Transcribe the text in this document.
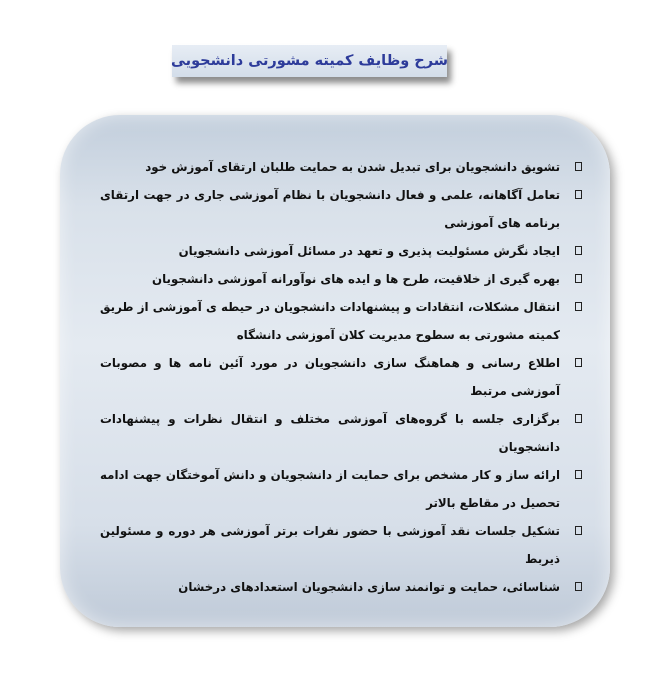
شرح وظایف کمیته مشورتی دانشجویی
تشویق دانشجویان برای تبدیل شدن به حمایت طلبان ارتقای آموزش خود
تعامل آگاهانه، علمی و فعال دانشجویان با نظام آموزشی جاری در جهت ارتقای برنامه های آموزشی
ایجاد نگرش مسئولیت پذیری و تعهد در مسائل آموزشی دانشجویان
بهره گیری از خلاقیت، طرح ها و ایده های نوآورانه آموزشی دانشجویان
انتقال مشکلات، انتقادات و پیشنهادات دانشجویان در حیطه ی آموزشی از طریق کمیته مشورتی به سطوح مدیریت کلان آموزشی دانشگاه
اطلاع رسانی و هماهنگ سازی دانشجویان در مورد آئین نامه ها و مصوبات آموزشی مرتبط
برگزاری جلسه با گروه‌های آموزشی مختلف و انتقال نظرات و پیشنهادات دانشجویان
ارائه ساز و کار مشخص برای حمایت از دانشجویان و دانش آموختگان جهت ادامه تحصیل در مقاطع بالاتر
تشکیل جلسات نقد آموزشی با حضور نفرات برتر آموزشی هر دوره و مسئولین ذیربط
شناسائی، حمایت و توانمند سازی دانشجویان استعدادهای درخشان
